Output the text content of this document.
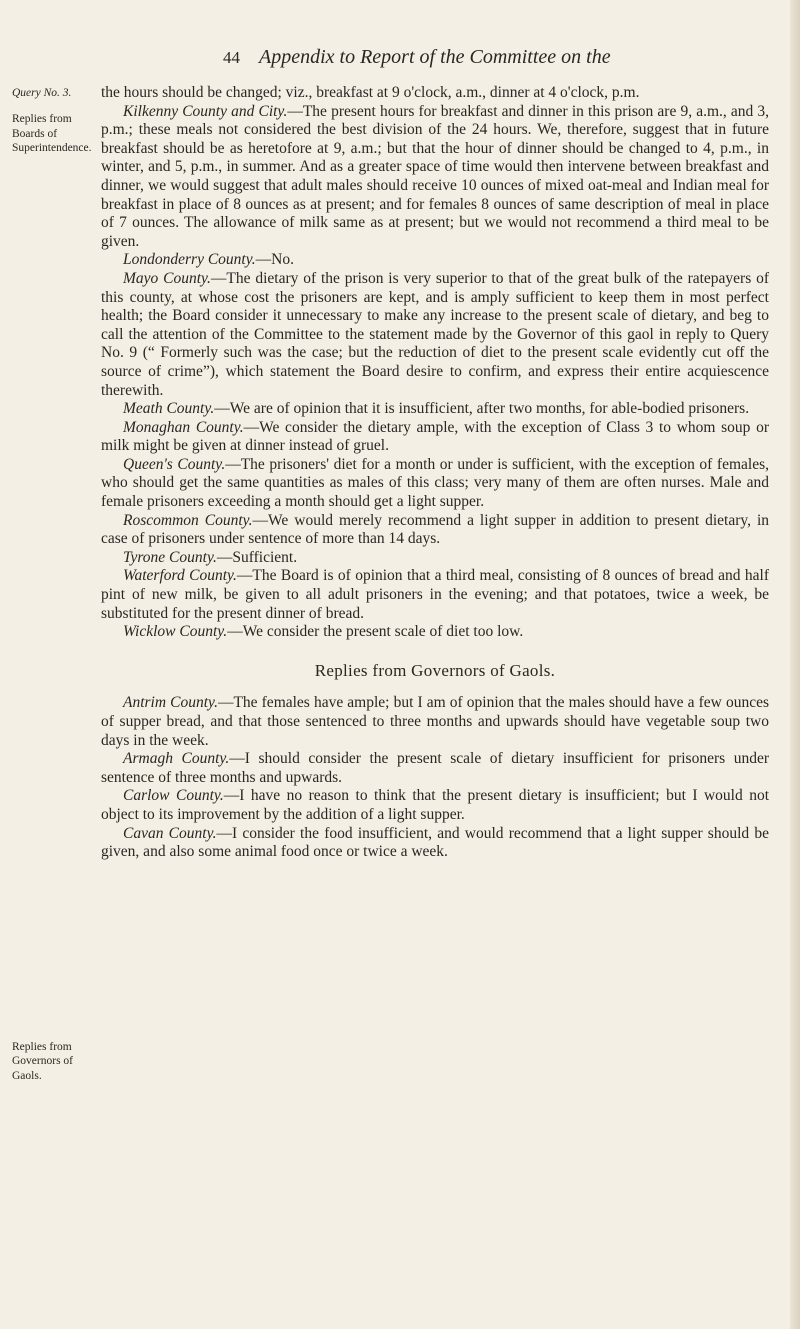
44 Appendix to Report of the Committee on the
Query No. 3.
Replies from Boards of Superintendence.
Replies from Governors of Gaols.

the hours should be changed; viz., breakfast at 9 o'clock, a.m., dinner at 4 o'clock, p.m.

Kilkenny County and City.—The present hours for breakfast and dinner in this prison are 9, a.m., and 3, p.m.; these meals not considered the best division of the 24 hours. We, therefore, suggest that in future breakfast should be as heretofore at 9, a.m.; but that the hour of dinner should be changed to 4, p.m., in winter, and 5, p.m., in summer. And as a greater space of time would then intervene between breakfast and dinner, we would suggest that adult males should receive 10 ounces of mixed oat-meal and Indian meal for breakfast in place of 8 ounces as at present; and for females 8 ounces of same description of meal in place of 7 ounces. The allowance of milk same as at present; but we would not recommend a third meal to be given.

Londonderry County.—No.

Mayo County.—The dietary of the prison is very superior to that of the great bulk of the ratepayers of this county, at whose cost the prisoners are kept, and is amply sufficient to keep them in most perfect health; the Board consider it unnecessary to make any increase to the present scale of dietary, and beg to call the attention of the Committee to the statement made by the Governor of this gaol in reply to Query No. 9 (“ Formerly such was the case; but the reduction of diet to the present scale evidently cut off the source of crime”), which statement the Board desire to confirm, and express their entire acquiescence therewith.

Meath County.—We are of opinion that it is insufficient, after two months, for able-bodied prisoners.

Monaghan County.—We consider the dietary ample, with the exception of Class 3 to whom soup or milk might be given at dinner instead of gruel.

Queen's County.—The prisoners' diet for a month or under is sufficient, with the exception of females, who should get the same quantities as males of this class; very many of them are often nurses. Male and female prisoners exceeding a month should get a light supper.

Roscommon County.—We would merely recommend a light supper in addition to present dietary, in case of prisoners under sentence of more than 14 days.

Tyrone County.—Sufficient.

Waterford County.—The Board is of opinion that a third meal, consisting of 8 ounces of bread and half pint of new milk, be given to all adult prisoners in the evening; and that potatoes, twice a week, be substituted for the present dinner of bread.

Wicklow County.—We consider the present scale of diet too low.

Replies from Governors of Gaols.

Antrim County.—The females have ample; but I am of opinion that the males should have a few ounces of supper bread, and that those sentenced to three months and upwards should have vegetable soup two days in the week.

Armagh County.—I should consider the present scale of dietary insufficient for prisoners under sentence of three months and upwards.

Carlow County.—I have no reason to think that the present dietary is insufficient; but I would not object to its improvement by the addition of a light supper.

Cavan County.—I consider the food insufficient, and would recommend that a light supper should be given, and also some animal food once or twice a week.
